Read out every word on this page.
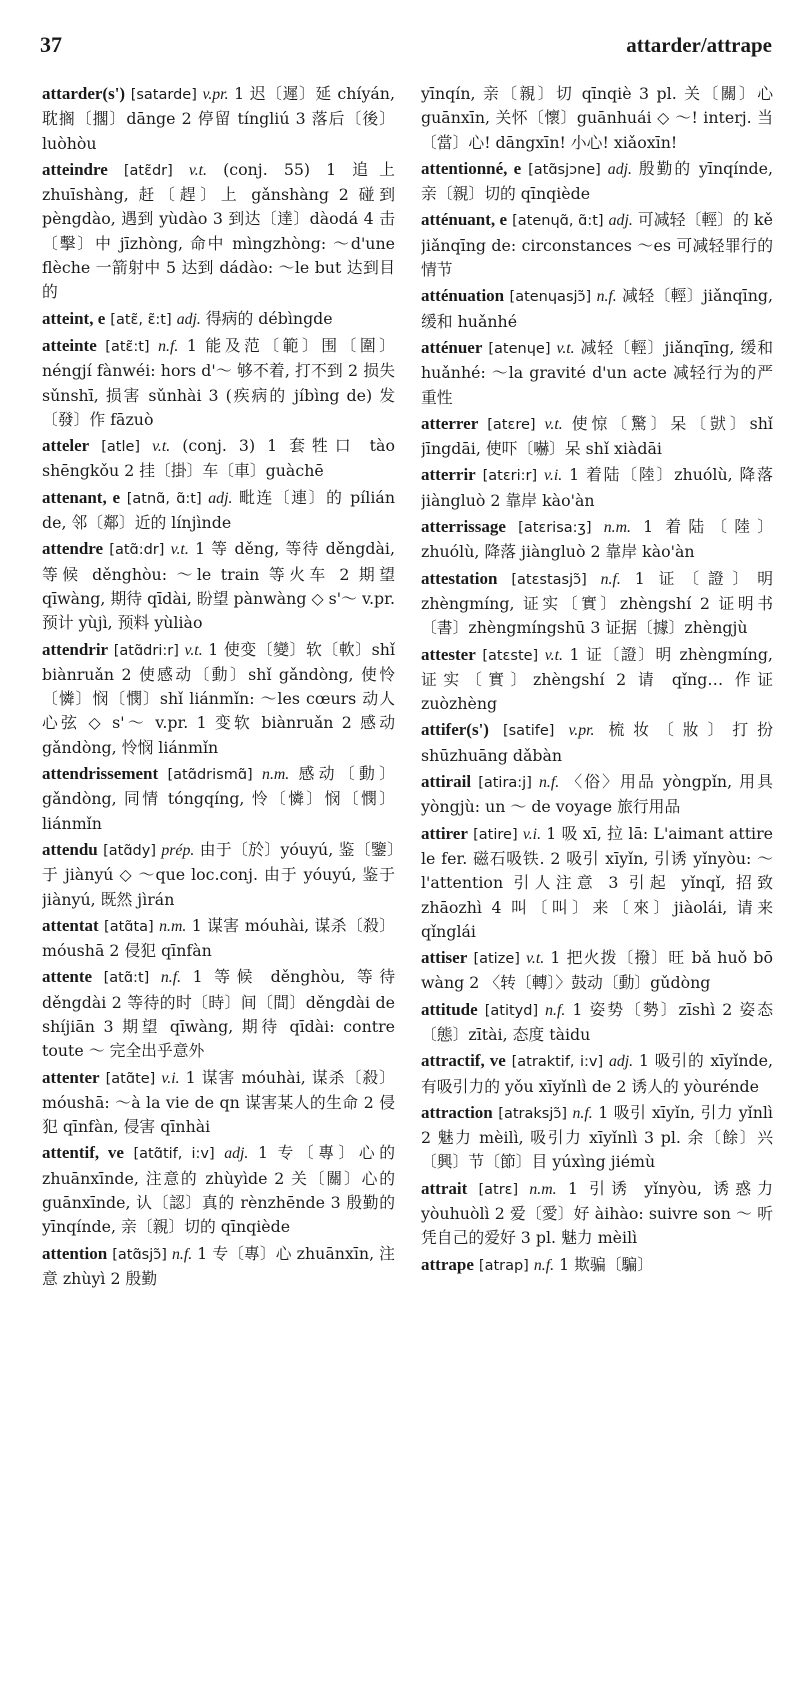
37	attarder/attrape
attarder(s') [satarde] v.pr. 1 迟〔遲〕延 chíyán, 耽搁〔擱〕dānge 2 停留 tíngliú 3 落后〔後〕luòhòu
atteindre [atɛ̃dr] v.t. (conj. 55) 1 追上 zhuīshàng, 赶〔趕〕上 gǎnshàng 2 碰到 pèngdào, 遇到 yùdào 3 到达〔達〕dàodá 4 击〔擊〕中 jīzhòng, 命中 mìngzhòng: ～d'une flèche 一箭射中 5 达到 dádào: ～le but 达到目的
atteint, e [atɛ̃, ɛ̃:t] adj. 得病的 débìngde
atteinte [atɛ̃:t] n.f. 1 能及范〔範〕围〔圍〕néngjí fànwéi: hors d'～ 够不着, 打不到 2 损失 sǔnshī, 损害 sǔnhài 3 (疾病的 jíbìng de) 发〔發〕作 fāzuò
atteler [atle] v.t. (conj. 3) 1 套牲口 tào shēngkǒu 2 挂〔掛〕车〔車〕guàchē
attenant, e [atnɑ̃, ɑ̃:t] adj. 毗连〔連〕的 pílián de, 邻〔鄰〕近的 línjìnde
attendre [atɑ̃:dr] v.t. 1 等 děng, 等待 děngdài, 等候 děnghòu: ～le train 等火车 2 期望 qīwàng, 期待 qīdài, 盼望 pànwàng ◇ s'～ v.pr. 预计 yùjì, 预料 yùliào
attendrir [atɑ̃dri:r] v.t. 1 使变〔變〕软〔軟〕shǐ biànruǎn 2 使感动〔動〕shǐ gǎndòng, 使怜〔憐〕悯〔憫〕shǐ liánmǐn: ～les cœurs 动人心弦 ◇ s'～ v.pr. 1 变软 biànruǎn 2 感动 gǎndòng, 怜悯 liánmǐn
attendrissement [atɑ̃drismɑ̃] n.m. 感动〔動〕gǎndòng, 同情 tóngqíng, 怜〔憐〕悯〔憫〕liánmǐn
attendu [atɑ̃dy] prép. 由于〔於〕yóuyú, 鉴〔鑒〕于 jiànyú ◇ ～que loc.conj. 由于 yóuyú, 鉴于 jiànyú, 既然 jìrán
attentat [atɑ̃ta] n.m. 1 谋害 móuhài, 谋杀〔殺〕móushā 2 侵犯 qīnfàn
attente [atɑ̃:t] n.f. 1 等候 děnghòu, 等待 děngdài 2 等待的时〔時〕间〔間〕děngdài de shíjiān 3 期望 qīwàng, 期待 qīdài: contre toute ～ 完全出乎意外
attenter [atɑ̃te] v.i. 1 谋害 móuhài, 谋杀〔殺〕móushā: ～à la vie de qn 谋害某人的生命 2 侵犯 qīnfàn, 侵害 qīnhài
attentif, ve [atɑ̃tif, i:v] adj. 1 专〔專〕心的 zhuānxīnde, 注意的 zhùyìde 2 关〔關〕心的 guānxīnde, 认〔認〕真的 rènzhēnde 3 殷勤的 yīnqínde, 亲〔親〕切的 qīnqiède
attention [atɑ̃sjɔ̃] n.f. 1 专〔專〕心 zhuānxīn, 注意 zhùyì 2 殷勤
yīnqín, 亲〔親〕切 qīnqiè 3 pl. 关〔關〕心 guānxīn, 关怀〔懷〕guānhuái ◇ ～! interj. 当〔當〕心! dāngxīn! 小心! xiǎoxīn!
attentionné, e [atɑ̃sjɔne] adj. 殷勤的 yīnqínde, 亲〔親〕切的 qīnqiède
atténuant, e [atenɥɑ̃, ɑ̃:t] adj. 可减轻〔輕〕的 kě jiǎnqīng de: circonstances ～es 可减轻罪行的情节
atténuation [atenɥasjɔ̃] n.f. 减轻〔輕〕jiǎnqīng, 缓和 huǎnhé
atténuer [atenɥe] v.t. 减轻〔輕〕jiǎnqīng, 缓和 huǎnhé: ～la gravité d'un acte 减轻行为的严重性
atterrer [atɛre] v.t. 使惊〔驚〕呆〔獃〕shǐ jīngdāi, 使吓〔嚇〕呆 shǐ xiàdāi
atterrir [atɛri:r] v.i. 1 着陆〔陸〕zhuólù, 降落 jiàngluò 2 靠岸 kào'àn
atterrissage [atɛrisa:ʒ] n.m. 1 着陆〔陸〕zhuólù, 降落 jiàngluò 2 靠岸 kào'àn
attestation [atɛstasjɔ̃] n.f. 1 证〔證〕明 zhèngmíng, 证实〔實〕zhèngshí 2 证明书〔書〕zhèngmíngshū 3 证据〔據〕zhèngjù
attester [atɛste] v.t. 1 证〔證〕明 zhèngmíng, 证实〔實〕zhèngshí 2 请 qǐng… 作证 zuòzhèng
attifer(s') [satife] v.pr. 梳妆〔妝〕打扮 shūzhuāng dǎbàn
attirail [atira:j] n.f. 〈俗〉用品 yòngpǐn, 用具 yòngjù: un ～ de voyage 旅行用品
attirer [atire] v.i. 1 吸 xī, 拉 lā: L'aimant attire le fer. 磁石吸铁. 2 吸引 xīyǐn, 引诱 yǐnyòu: ～ l'attention 引人注意 3 引起 yǐnqǐ, 招致 zhāozhì 4 叫〔叫〕来〔來〕jiàolái, 请来 qǐnglái
attiser [atize] v.t. 1 把火拨〔撥〕旺 bǎ huǒ bō wàng 2 〈转〔轉〕〉鼓动〔動〕gǔdòng
attitude [atityd] n.f. 1 姿势〔勢〕zīshì 2 姿态〔態〕zītài, 态度 tàidu
attractif, ve [atraktif, i:v] adj. 1 吸引的 xīyǐnde, 有吸引力的 yǒu xīyǐnlì de 2 诱人的 yòurénde
attraction [atraksjɔ̃] n.f. 1 吸引 xīyǐn, 引力 yǐnlì 2 魅力 mèilì, 吸引力 xīyǐnlì 3 pl. 余〔餘〕兴〔興〕节〔節〕目 yúxìng jiémù
attrait [atrɛ] n.m. 1 引诱 yǐnyòu, 诱惑力 yòuhuòlì 2 爱〔愛〕好 àihào: suivre son ～ 听凭自己的爱好 3 pl. 魅力 mèilì
attrape [atrap] n.f. 1 欺骗〔騙〕
